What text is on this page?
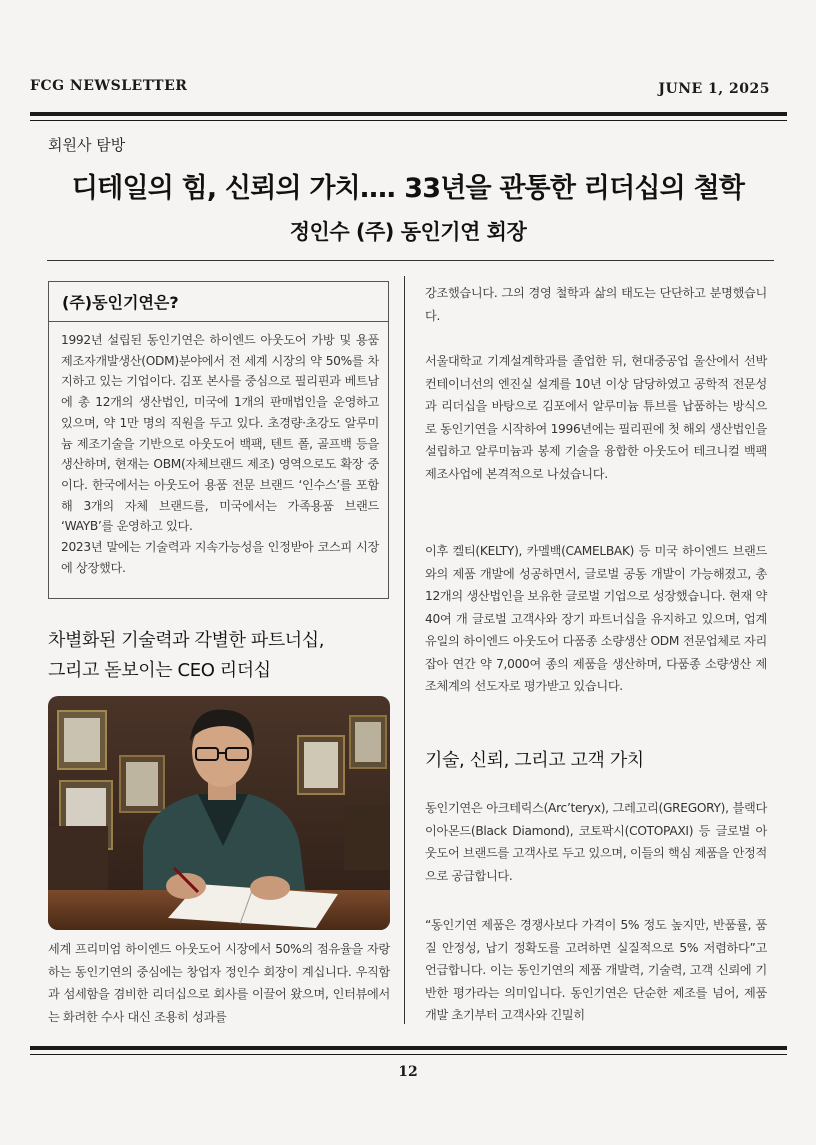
FCG NEWSLETTER	JUNE 1, 2025
회원사 탐방
디테일의 힘, 신뢰의 가치…. 33년을 관통한 리더십의 철학
정인수 (주) 동인기연 회장
(주)동인기연은?

1992년 설립된 동인기연은 하이엔드 아웃도어 가방 및 용품 제조자개발생산(ODM)분야에서 전 세계 시장의 약 50%를 차지하고 있는 기업이다. 김포 본사를 중심으로 필리핀과 베트남에 총 12개의 생산법인, 미국에 1개의 판매법인을 운영하고 있으며, 약 1만 명의 직원을 두고 있다. 초경량·초강도 알루미늄 제조기술을 기반으로 아웃도어 백팩, 텐트 폴, 골프백 등을 생산하며, 현재는 OBM(자체브랜드 제조) 영역으로도 확장 중이다. 한국에서는 아웃도어 용품 전문 브랜드 ‘인수스’를 포함해 3개의 자체 브랜드를, 미국에서는 가족용품 브랜드 ‘WAYB’를 운영하고 있다.

2023년 말에는 기술력과 지속가능성을 인정받아 코스피 시장에 상장했다.

차별화된 기술력과 각별한 파트너십,
그리고 돋보이는 CEO 리더십
세계 프리미엄 하이엔드 아웃도어 시장에서 50%의 점유율을 자랑하는 동인기연의 중심에는 창업자 정인수 회장이 계십니다. 우직함과 섬세함을 겸비한 리더십으로 회사를 이끌어 왔으며, 인터뷰에서는 화려한 수사 대신 조용히 성과를

강조했습니다. 그의 경영 철학과 삶의 태도는 단단하고 분명했습니다.

서울대학교 기계설계학과를 졸업한 뒤, 현대중공업 울산에서 선박 컨테이너선의 엔진실 설계를 10년 이상 담당하였고 공학적 전문성과 리더십을 바탕으로 김포에서 알루미늄 튜브를 납품하는 방식으로 동인기연을 시작하여 1996년에는 필리핀에 첫 해외 생산법인을 설립하고 알루미늄과 봉제 기술을 융합한 아웃도어 테크니컬 백팩 제조사업에 본격적으로 나섰습니다.

이후 켈티(KELTY), 카멜백(CAMELBAK) 등 미국 하이엔드 브랜드와의 제품 개발에 성공하면서, 글로벌 공동 개발이 가능해졌고, 총 12개의 생산법인을 보유한 글로벌 기업으로 성장했습니다. 현재 약 40여 개 글로벌 고객사와 장기 파트너십을 유지하고 있으며, 업계 유일의 하이엔드 아웃도어 다품종 소량생산 ODM 전문업체로 자리 잡아 연간 약 7,000여 종의 제품을 생산하며, 다품종 소량생산 제조체계의 선도자로 평가받고 있습니다.

기술, 신뢰, 그리고 고객 가치

동인기연은 아크테릭스(Arc’teryx), 그레고리(GREGORY), 블랙다이아몬드(Black Diamond), 코토팍시(COTOPAXI) 등 글로벌 아웃도어 브랜드를 고객사로 두고 있으며, 이들의 핵심 제품을 안정적으로 공급합니다.

“동인기연 제품은 경쟁사보다 가격이 5% 정도 높지만, 반품률, 품질 안정성, 납기 정확도를 고려하면 실질적으로 5% 저렴하다”고 언급합니다. 이는 동인기연의 제품 개발력, 기술력, 고객 신뢰에 기반한 평가라는 의미입니다. 동인기연은 단순한 제조를 넘어, 제품 개발 초기부터 고객사와 긴밀히

12
